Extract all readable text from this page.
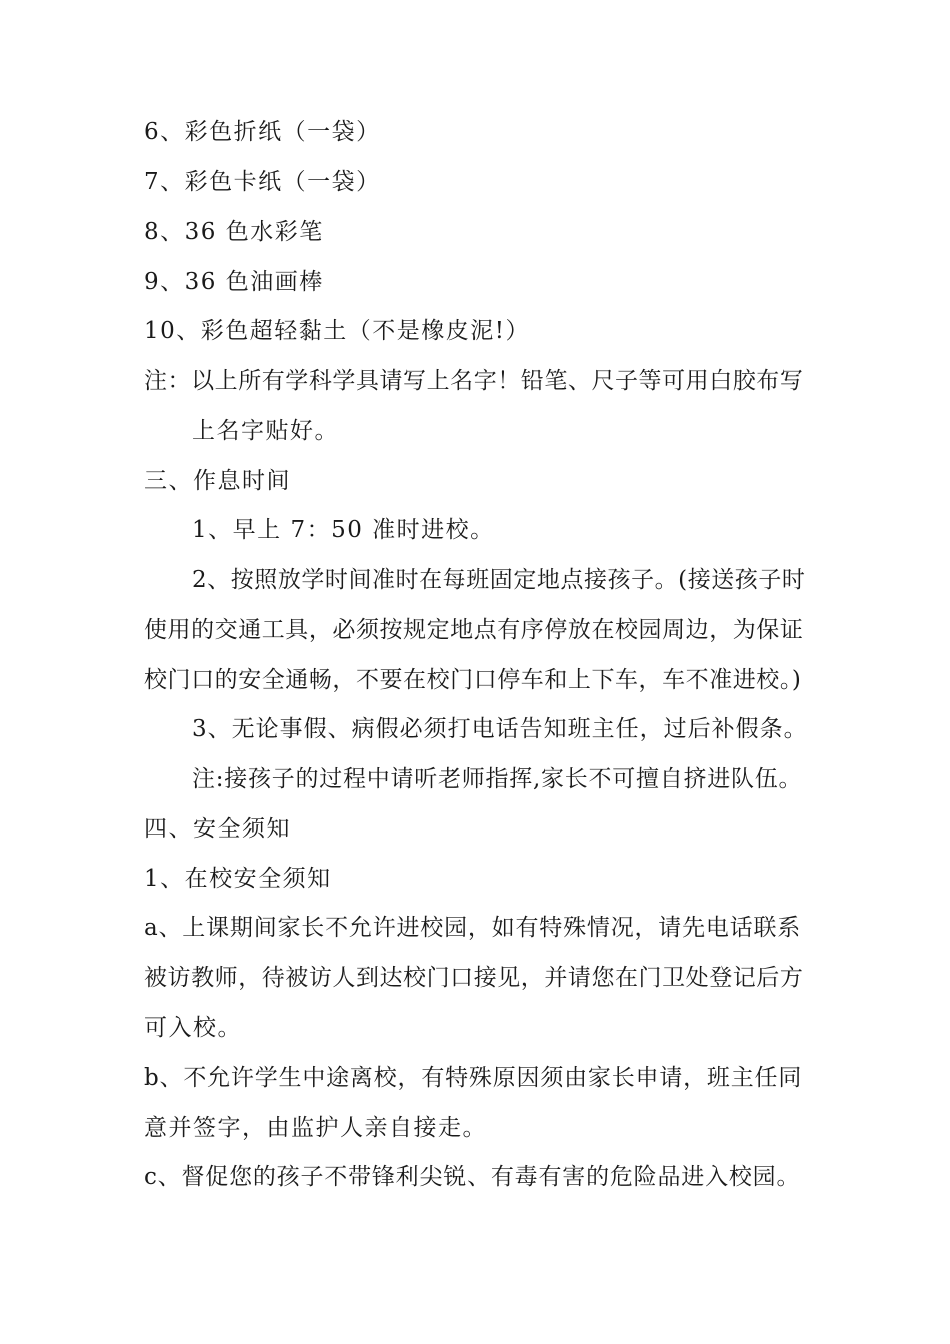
6、彩色折纸（一袋）

7、彩色卡纸（一袋）

8、36 色水彩笔

9、36 色油画棒

10、彩色超轻黏土（不是橡皮泥!）

注：以上所有学科学具请写上名字！铅笔、尺子等可用白胶布写

上名字贴好。

三、作息时间

1、早上 7：50 准时进校。

2、按照放学时间准时在每班固定地点接孩子。(接送孩子时

使用的交通工具，必须按规定地点有序停放在校园周边，为保证

校门口的安全通畅，不要在校门口停车和上下车，车不准进校。)

3、无论事假、病假必须打电话告知班主任，过后补假条。

注:接孩子的过程中请听老师指挥,家长不可擅自挤进队伍。

四、安全须知

1、在校安全须知

a、上课期间家长不允许进校园，如有特殊情况，请先电话联系

被访教师，待被访人到达校门口接见，并请您在门卫处登记后方

可入校。

b、不允许学生中途离校，有特殊原因须由家长申请，班主任同

意并签字，由监护人亲自接走。

c、督促您的孩子不带锋利尖锐、有毒有害的危险品进入校园。
